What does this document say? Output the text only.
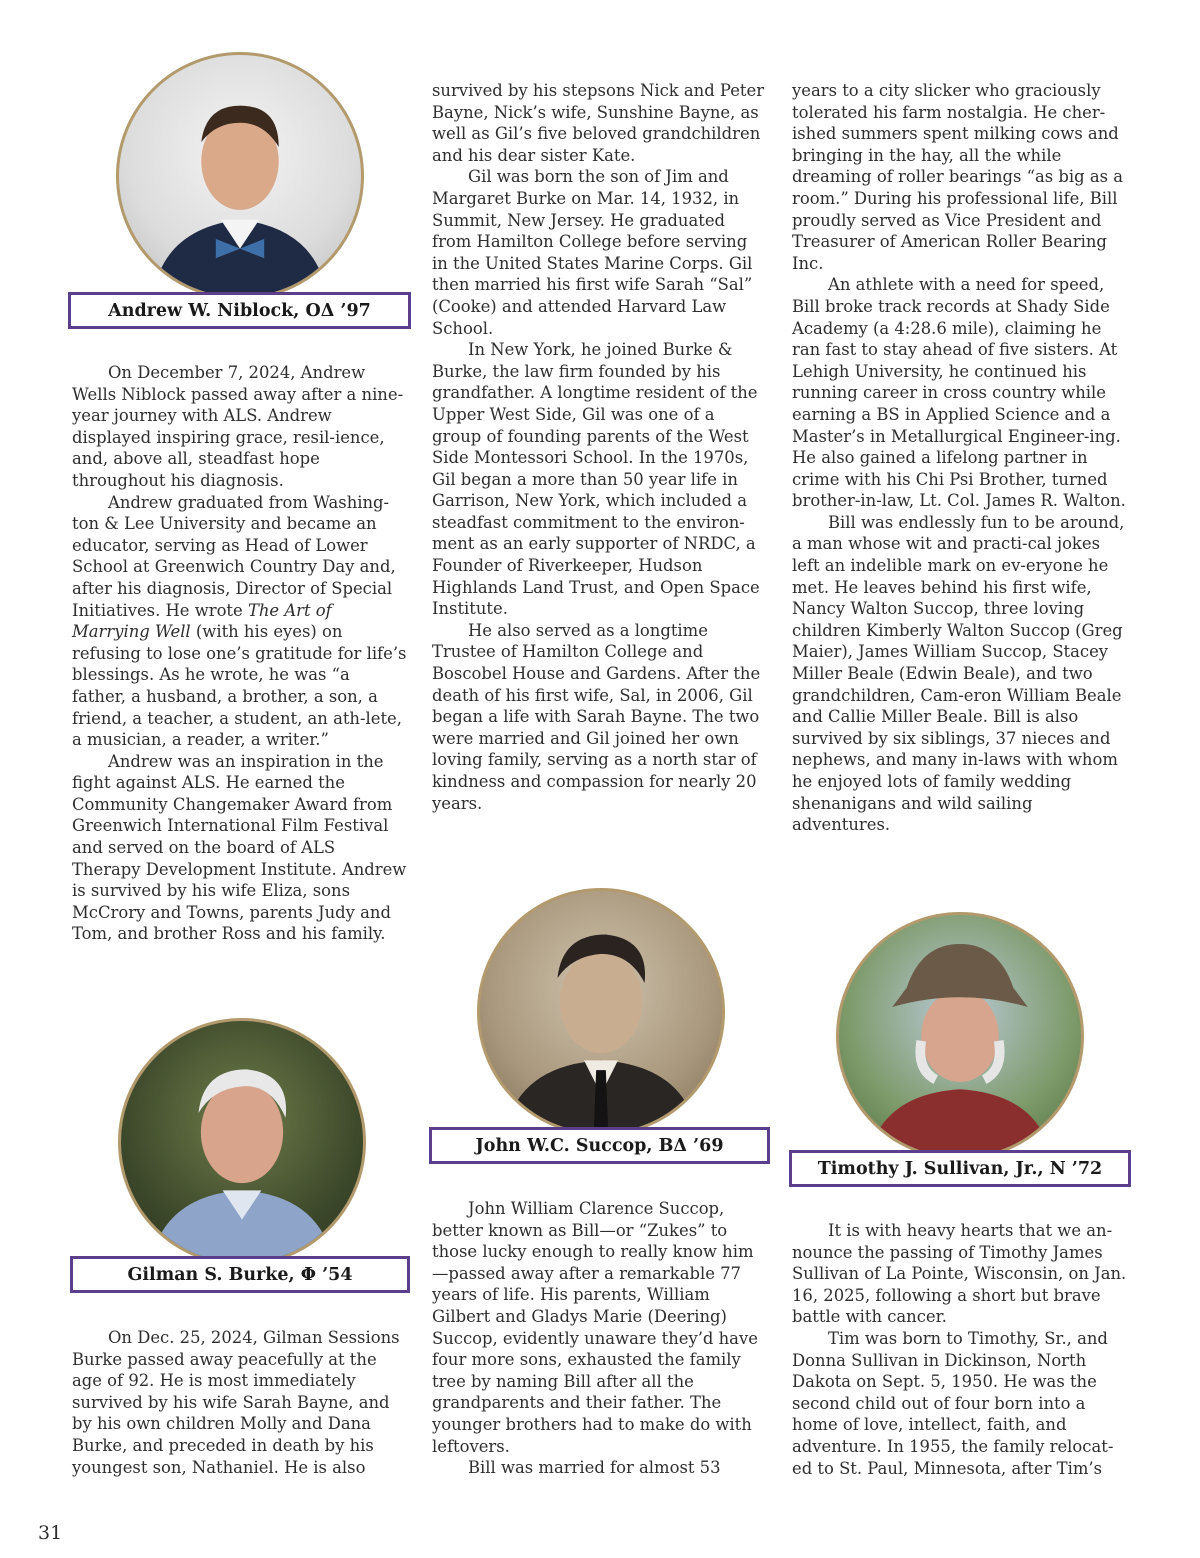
Andrew W. Niblock, OΔ ’97

On December 7, 2024, Andrew Wells Niblock passed away after a nine-year journey with ALS. Andrew displayed inspiring grace, resil-ience, and, above all, steadfast hope throughout his diagnosis.

Andrew graduated from Washing-ton & Lee University and became an educator, serving as Head of Lower School at Greenwich Country Day and, after his diagnosis, Director of Special Initiatives. He wrote The Art of Marrying Well (with his eyes) on refusing to lose one’s gratitude for life’s blessings. As he wrote, he was “a father, a husband, a brother, a son, a friend, a teacher, a student, an ath-lete, a musician, a reader, a writer.”

Andrew was an inspiration in the fight against ALS. He earned the Community Changemaker Award from Greenwich International Film Festival and served on the board of ALS Therapy Development Institute. Andrew is survived by his wife Eliza, sons McCrory and Towns, parents Judy and Tom, and brother Ross and his family.

Gilman S. Burke, Φ ’54

On Dec. 25, 2024, Gilman Sessions Burke passed away peacefully at the age of 92. He is most immediately survived by his wife Sarah Bayne, and by his own children Molly and Dana Burke, and preceded in death by his youngest son, Nathaniel. He is also

survived by his stepsons Nick and Peter Bayne, Nick’s wife, Sunshine Bayne, as well as Gil’s five beloved grandchildren and his dear sister Kate.

Gil was born the son of Jim and Margaret Burke on Mar. 14, 1932, in Summit, New Jersey. He graduated from Hamilton College before serving in the United States Marine Corps. Gil then married his first wife Sarah “Sal” (Cooke) and attended Harvard Law School.

In New York, he joined Burke & Burke, the law firm founded by his grandfather. A longtime resident of the Upper West Side, Gil was one of a group of founding parents of the West Side Montessori School. In the 1970s, Gil began a more than 50 year life in Garrison, New York, which included a steadfast commitment to the environ-ment as an early supporter of NRDC, a Founder of Riverkeeper, Hudson Highlands Land Trust, and Open Space Institute.

He also served as a longtime Trustee of Hamilton College and Boscobel House and Gardens. After the death of his first wife, Sal, in 2006, Gil began a life with Sarah Bayne. The two were married and Gil joined her own loving family, serving as a north star of kindness and compassion for nearly 20 years.

John W.C. Succop, BΔ ’69

John William Clarence Succop, better known as Bill—or “Zukes” to those lucky enough to really know him—passed away after a remarkable 77 years of life. His parents, William Gilbert and Gladys Marie (Deering) Succop, evidently unaware they’d have four more sons, exhausted the family tree by naming Bill after all the grandparents and their father. The younger brothers had to make do with leftovers.

Bill was married for almost 53

years to a city slicker who graciously tolerated his farm nostalgia. He cher-ished summers spent milking cows and bringing in the hay, all the while dreaming of roller bearings “as big as a room.” During his professional life, Bill proudly served as Vice President and Treasurer of American Roller Bearing Inc.

An athlete with a need for speed, Bill broke track records at Shady Side Academy (a 4:28.6 mile), claiming he ran fast to stay ahead of five sisters. At Lehigh University, he continued his running career in cross country while earning a BS in Applied Science and a Master’s in Metallurgical Engineer-ing. He also gained a lifelong partner in crime with his Chi Psi Brother, turned brother-in-law, Lt. Col. James R. Walton.

Bill was endlessly fun to be around, a man whose wit and practi-cal jokes left an indelible mark on ev-eryone he met. He leaves behind his first wife, Nancy Walton Succop, three loving children Kimberly Walton Succop (Greg Maier), James William Succop, Stacey Miller Beale (Edwin Beale), and two grandchildren, Cam-eron William Beale and Callie Miller Beale. Bill is also survived by six siblings, 37 nieces and nephews, and many in-laws with whom he enjoyed lots of family wedding shenanigans and wild sailing adventures.

Timothy J. Sullivan, Jr., N ’72

It is with heavy hearts that we an-nounce the passing of Timothy James Sullivan of La Pointe, Wisconsin, on Jan. 16, 2025, following a short but brave battle with cancer.

Tim was born to Timothy, Sr., and Donna Sullivan in Dickinson, North Dakota on Sept. 5, 1950. He was the second child out of four born into a home of love, intellect, faith, and adventure. In 1955, the family relocat-ed to St. Paul, Minnesota, after Tim’s

31
